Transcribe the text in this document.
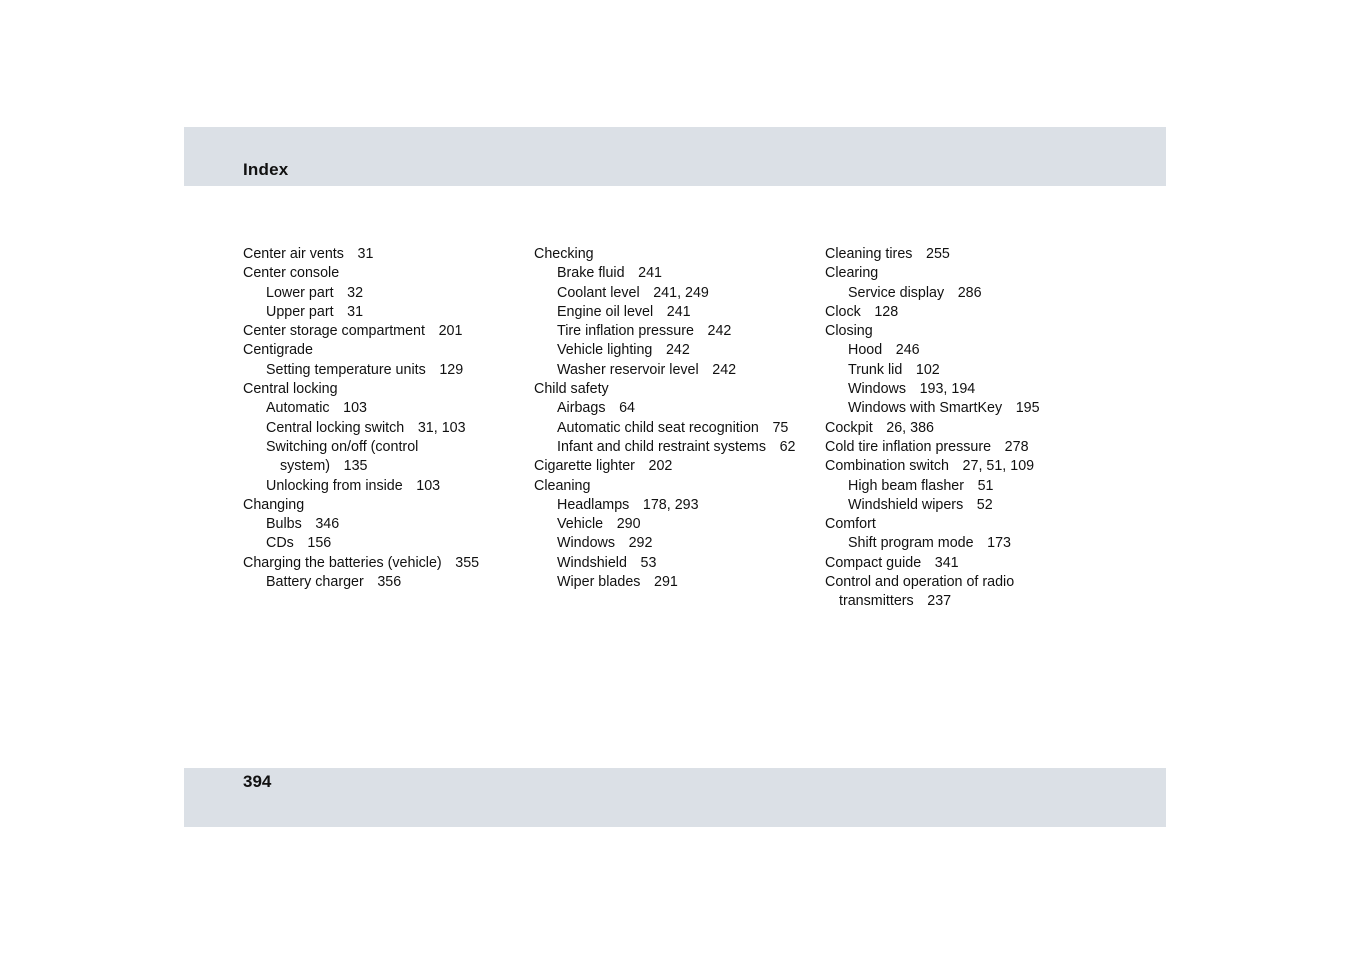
Index
Center air vents 31
Center console
Lower part 32
Upper part 31
Center storage compartment 201
Centigrade
Setting temperature units 129
Central locking
Automatic 103
Central locking switch 31, 103
Switching on/off (control
system) 135
Unlocking from inside 103
Changing
Bulbs 346
CDs 156
Charging the batteries (vehicle) 355
Battery charger 356
Checking
Brake fluid 241
Coolant level 241, 249
Engine oil level 241
Tire inflation pressure 242
Vehicle lighting 242
Washer reservoir level 242
Child safety
Airbags 64
Automatic child seat recognition 75
Infant and child restraint systems 62
Cigarette lighter 202
Cleaning
Headlamps 178, 293
Vehicle 290
Windows 292
Windshield 53
Wiper blades 291
Cleaning tires 255
Clearing
Service display 286
Clock 128
Closing
Hood 246
Trunk lid 102
Windows 193, 194
Windows with SmartKey 195
Cockpit 26, 386
Cold tire inflation pressure 278
Combination switch 27, 51, 109
High beam flasher 51
Windshield wipers 52
Comfort
Shift program mode 173
Compact guide 341
Control and operation of radio
transmitters 237
394
